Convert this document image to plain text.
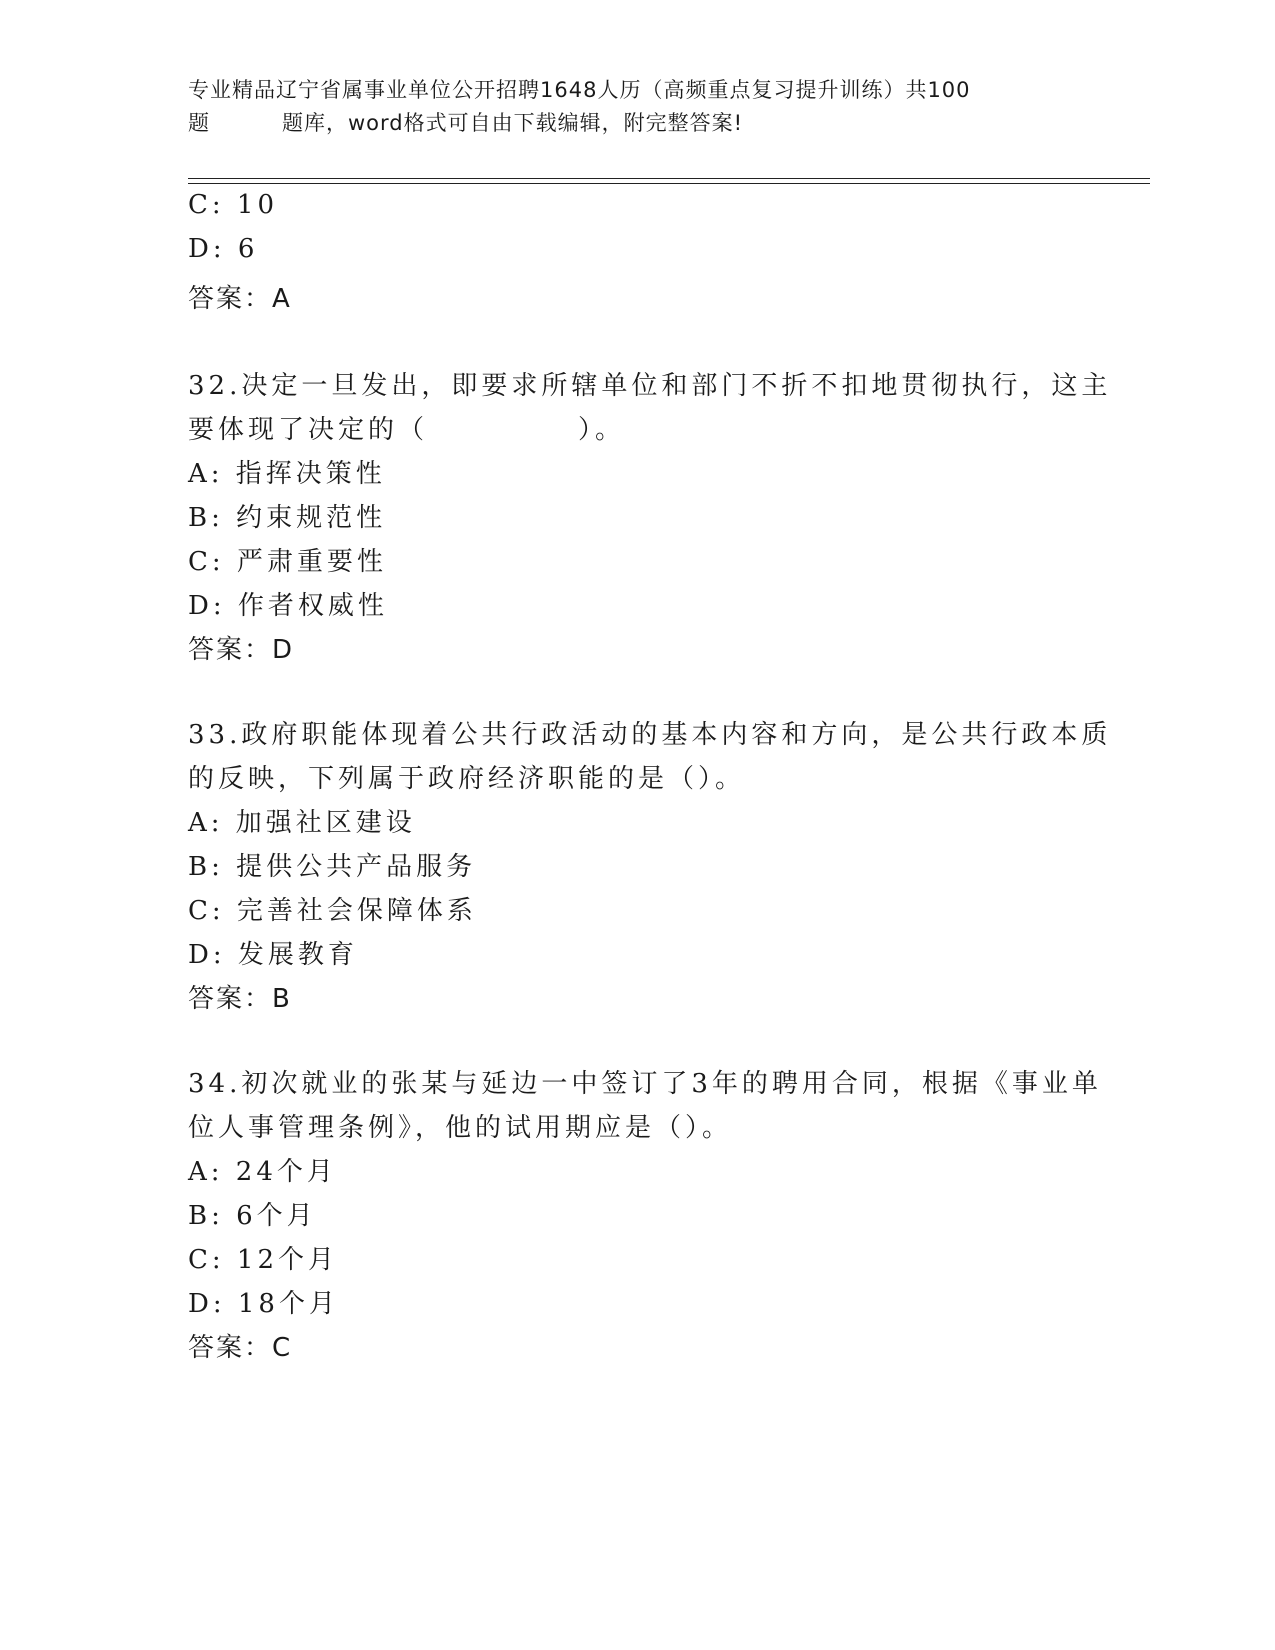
专业精品辽宁省属事业单位公开招聘1648人历（高频重点复习提升训练）共100
题	题库，word格式可自由下载编辑，附完整答案!
C: 10
D: 6
答案：A
32.决定一旦发出，即要求所辖单位和部门不折不扣地贯彻执行，这主
要体现了决定的（　　　　　）。
A: 指挥决策性
B: 约束规范性
C: 严肃重要性
D: 作者权威性
答案：D
33.政府职能体现着公共行政活动的基本内容和方向，是公共行政本质
的反映，下列属于政府经济职能的是（）。
A: 加强社区建设
B: 提供公共产品服务
C: 完善社会保障体系
D: 发展教育
答案：B
34.初次就业的张某与延边一中签订了3年的聘用合同，根据《事业单
位人事管理条例》，他的试用期应是（）。
A: 24个月
B: 6个月
C: 12个月
D: 18个月
答案：C
